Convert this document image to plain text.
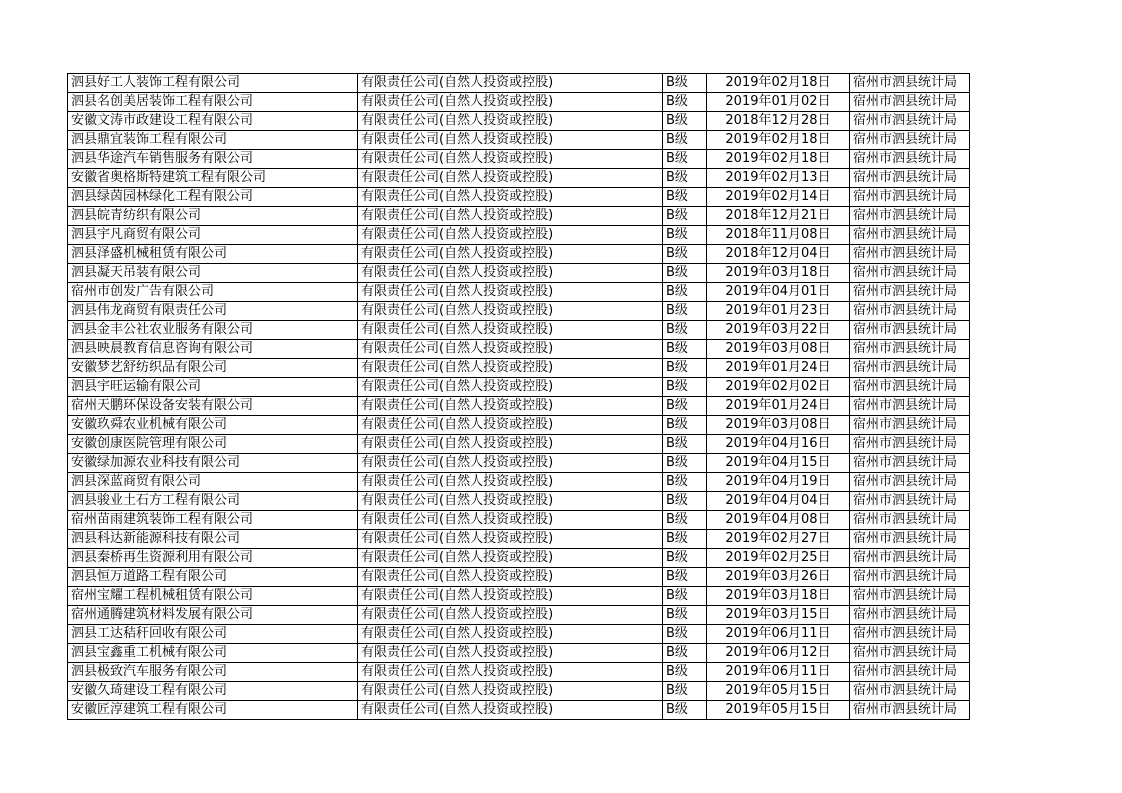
泗县好工人装饰工程有限公司	有限责任公司(自然人投资或控股)	B级	2019年02月18日	宿州市泗县统计局
泗县名创美居装饰工程有限公司	有限责任公司(自然人投资或控股)	B级	2019年01月02日	宿州市泗县统计局
安徽文涛市政建设工程有限公司	有限责任公司(自然人投资或控股)	B级	2018年12月28日	宿州市泗县统计局
泗县鼎宜装饰工程有限公司	有限责任公司(自然人投资或控股)	B级	2019年02月18日	宿州市泗县统计局
泗县华途汽车销售服务有限公司	有限责任公司(自然人投资或控股)	B级	2019年02月18日	宿州市泗县统计局
安徽省奥格斯特建筑工程有限公司	有限责任公司(自然人投资或控股)	B级	2019年02月13日	宿州市泗县统计局
泗县绿茵园林绿化工程有限公司	有限责任公司(自然人投资或控股)	B级	2019年02月14日	宿州市泗县统计局
泗县皖青纺织有限公司	有限责任公司(自然人投资或控股)	B级	2018年12月21日	宿州市泗县统计局
泗县宇凡商贸有限公司	有限责任公司(自然人投资或控股)	B级	2018年11月08日	宿州市泗县统计局
泗县泽盛机械租赁有限公司	有限责任公司(自然人投资或控股)	B级	2018年12月04日	宿州市泗县统计局
泗县凝天吊装有限公司	有限责任公司(自然人投资或控股)	B级	2019年03月18日	宿州市泗县统计局
宿州市创发广告有限公司	有限责任公司(自然人投资或控股)	B级	2019年04月01日	宿州市泗县统计局
泗县伟龙商贸有限责任公司	有限责任公司(自然人投资或控股)	B级	2019年01月23日	宿州市泗县统计局
泗县金丰公社农业服务有限公司	有限责任公司(自然人投资或控股)	B级	2019年03月22日	宿州市泗县统计局
泗县映晨教育信息咨询有限公司	有限责任公司(自然人投资或控股)	B级	2019年03月08日	宿州市泗县统计局
安徽梦艺舒纺织品有限公司	有限责任公司(自然人投资或控股)	B级	2019年01月24日	宿州市泗县统计局
泗县宇旺运输有限公司	有限责任公司(自然人投资或控股)	B级	2019年02月02日	宿州市泗县统计局
宿州天鹏环保设备安装有限公司	有限责任公司(自然人投资或控股)	B级	2019年01月24日	宿州市泗县统计局
安徽玖舜农业机械有限公司	有限责任公司(自然人投资或控股)	B级	2019年03月08日	宿州市泗县统计局
安徽创康医院管理有限公司	有限责任公司(自然人投资或控股)	B级	2019年04月16日	宿州市泗县统计局
安徽绿加源农业科技有限公司	有限责任公司(自然人投资或控股)	B级	2019年04月15日	宿州市泗县统计局
泗县深蓝商贸有限公司	有限责任公司(自然人投资或控股)	B级	2019年04月19日	宿州市泗县统计局
泗县骏业土石方工程有限公司	有限责任公司(自然人投资或控股)	B级	2019年04月04日	宿州市泗县统计局
宿州苗雨建筑装饰工程有限公司	有限责任公司(自然人投资或控股)	B级	2019年04月08日	宿州市泗县统计局
泗县科达新能源科技有限公司	有限责任公司(自然人投资或控股)	B级	2019年02月27日	宿州市泗县统计局
泗县秦桥再生资源利用有限公司	有限责任公司(自然人投资或控股)	B级	2019年02月25日	宿州市泗县统计局
泗县恒万道路工程有限公司	有限责任公司(自然人投资或控股)	B级	2019年03月26日	宿州市泗县统计局
宿州宝耀工程机械租赁有限公司	有限责任公司(自然人投资或控股)	B级	2019年03月18日	宿州市泗县统计局
宿州通腾建筑材料发展有限公司	有限责任公司(自然人投资或控股)	B级	2019年03月15日	宿州市泗县统计局
泗县工达秸秆回收有限公司	有限责任公司(自然人投资或控股)	B级	2019年06月11日	宿州市泗县统计局
泗县宝鑫重工机械有限公司	有限责任公司(自然人投资或控股)	B级	2019年06月12日	宿州市泗县统计局
泗县极致汽车服务有限公司	有限责任公司(自然人投资或控股)	B级	2019年06月11日	宿州市泗县统计局
安徽久琦建设工程有限公司	有限责任公司(自然人投资或控股)	B级	2019年05月15日	宿州市泗县统计局
安徽匠淳建筑工程有限公司	有限责任公司(自然人投资或控股)	B级	2019年05月15日	宿州市泗县统计局
